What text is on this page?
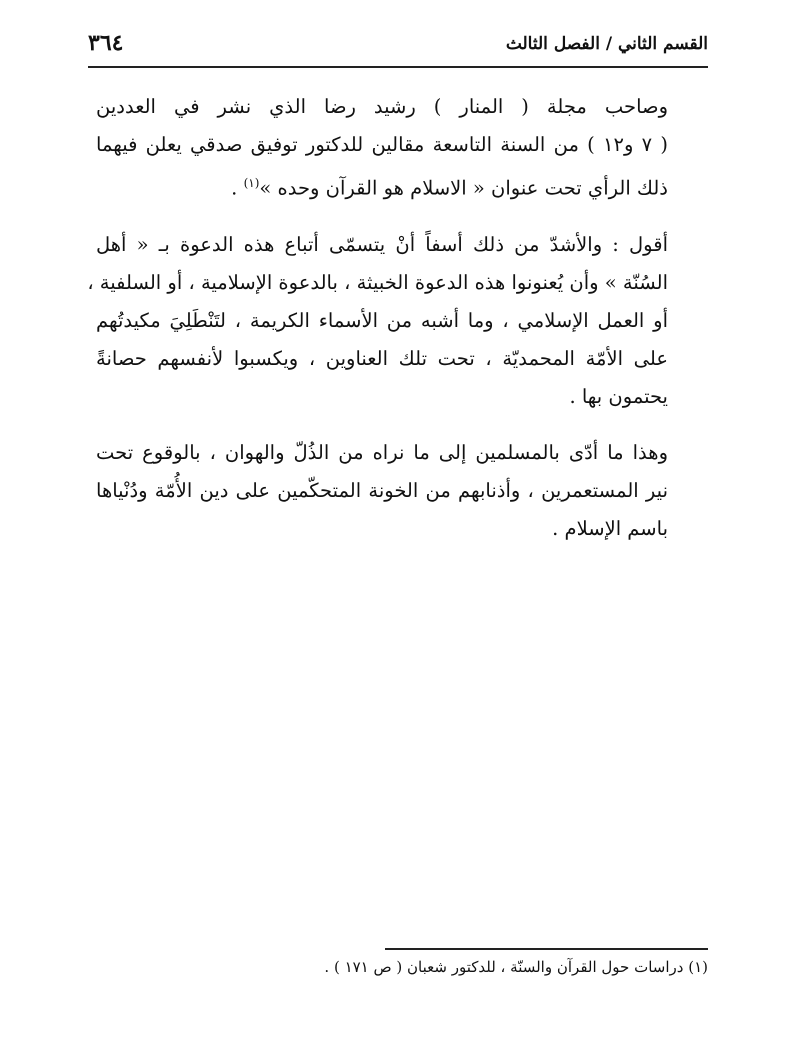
القسم الثاني / الفصل الثالث
٣٦٤

وصاحب مجلة ( المنار ) رشيد رضا الذي نشر في العددين
( ٧ و١٢ ) من السنة التاسعة مقالين للدكتور توفيق صدقي يعلن فيهما
ذلك الرأي تحت عنوان « الاسلام هو القرآن وحده »$^{(١)}$ .

أقول : والأشدّ من ذلك أسفاً أنْ يتسمّى أتباع هذه الدعوة بـ « أهل
السُنّة » وأن يُعنونوا هذه الدعوة الخبيثة ، بالدعوة الإسلامية ، أو السلفية ،
أو العمل الإسلامي ، وما أشبه من الأسماء الكريمة ، لتَنْطَلِيَ مكيدتُهم
على الأمّة المحمديّة ، تحت تلك العناوين ، ويكسبوا لأنفسهم حصانةً
يحتمون بها .

وهذا ما أدّى بالمسلمين إلى ما نراه من الذُلّ والهوان ، بالوقوع تحت
نير المستعمرين ، وأذنابهم من الخونة المتحكّمين على دين الأُمّة ودُنْياها
باسم الإسلام .

(١) دراسات حول القرآن والسنّة ، للدكتور شعبان ( ص ١٧١ ) .
